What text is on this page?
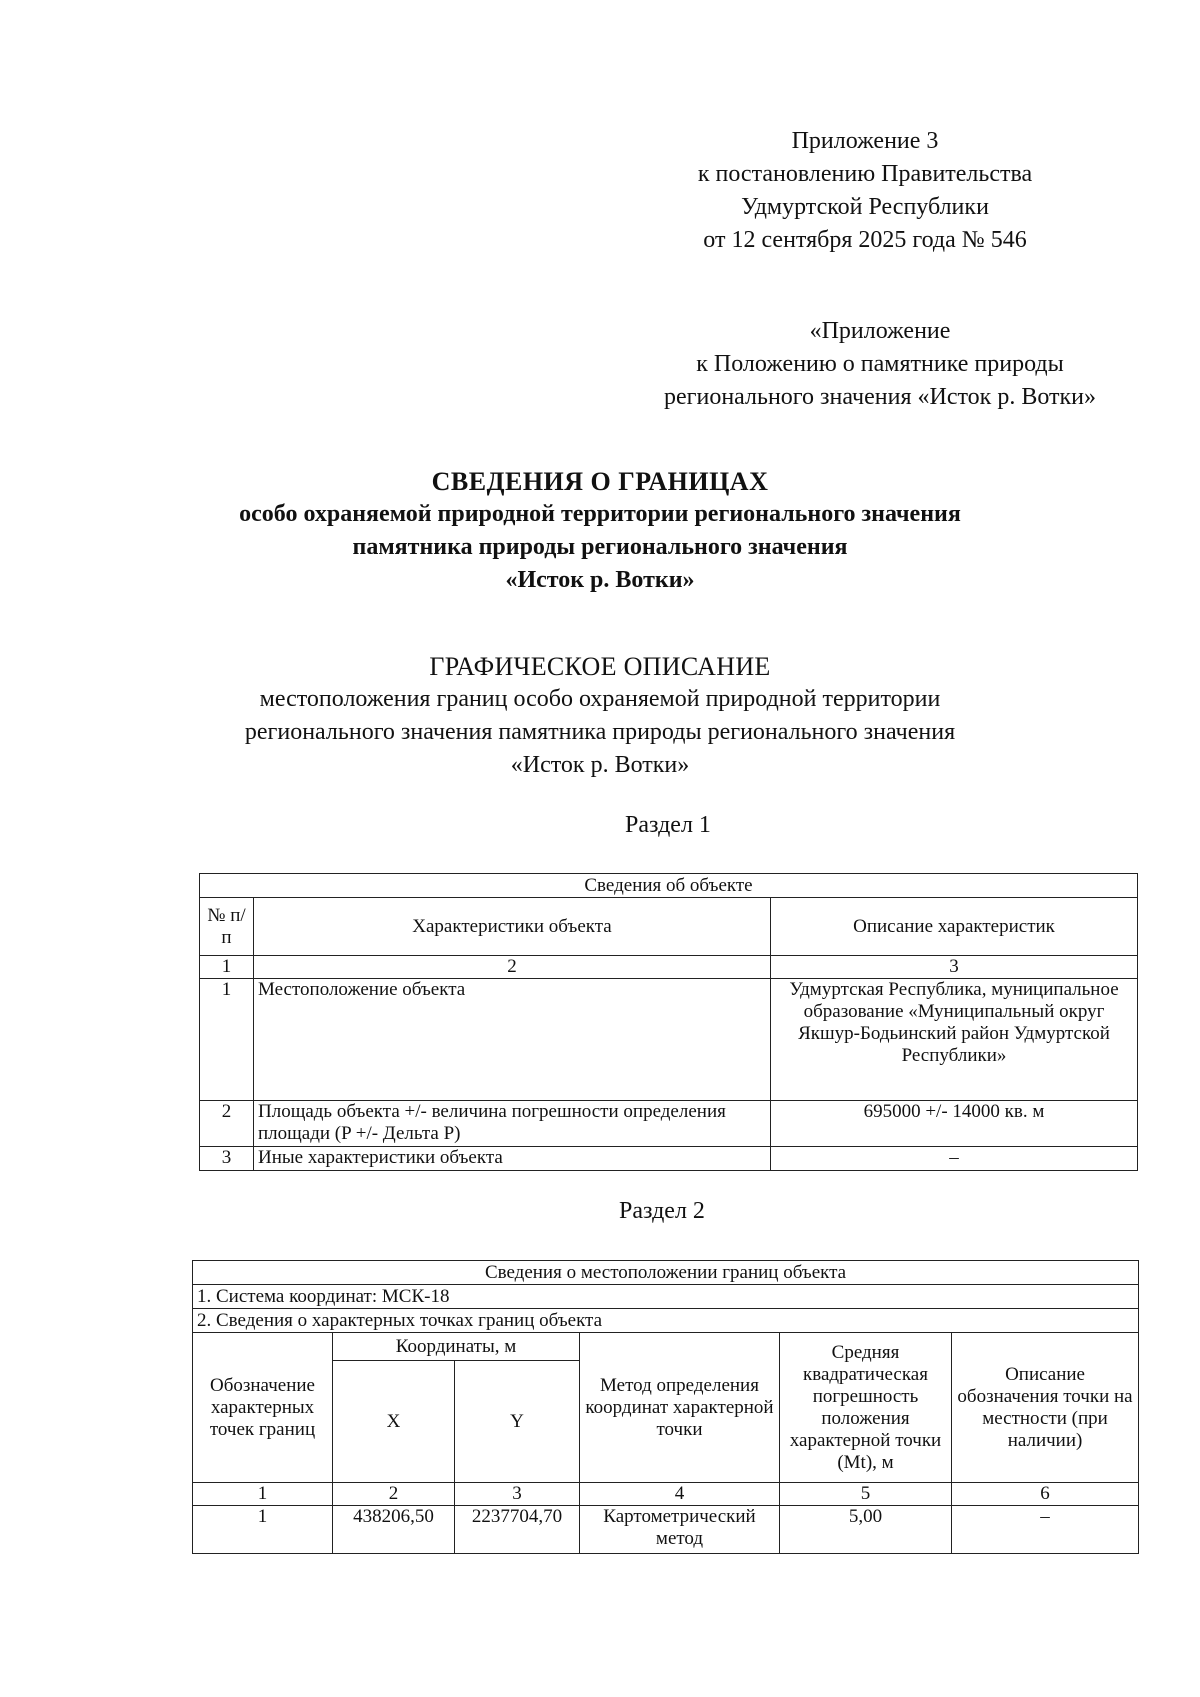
Приложение 3
к постановлению Правительства
Удмуртской Республики
от 12 сентября 2025 года № 546
«Приложение
к Положению о памятнике природы
регионального значения «Исток р. Вотки»
СВЕДЕНИЯ О ГРАНИЦАХ
особо охраняемой природной территории регионального значения
памятника природы регионального значения
«Исток р. Вотки»
ГРАФИЧЕСКОЕ ОПИСАНИЕ
местоположения границ особо охраняемой природной территории
регионального значения памятника природы регионального значения
«Исток р. Вотки»
Раздел 1
Сведения об объекте		
№ п/п	Характеристики объекта	Описание характеристик
1	2	3
1	Местоположение объекта	Удмуртская Республика, муниципальное образование «Муниципальный округ Якшур-Бодьинский район Удмуртской Республики»
2	Площадь объекта +/- величина погрешности определения площади (P +/- Дельта P)	695000 +/- 14000 кв. м
3	Иные характеристики объекта	–
Раздел 2
Сведения о местоположении границ объекта					
1. Система координат: МСК-18					
2. Сведения о характерных точках границ объекта					
Обозначение характерных точек границ	Координаты, м		Метод определения координат характерной точки	Средняя квадратическая погрешность положения характерной точки (Mt), м	Описание обозначения точки на местности (при наличии)
	X	Y			
1	2	3	4	5	6
1	438206,50	2237704,70	Картометрический метод	5,00	–
